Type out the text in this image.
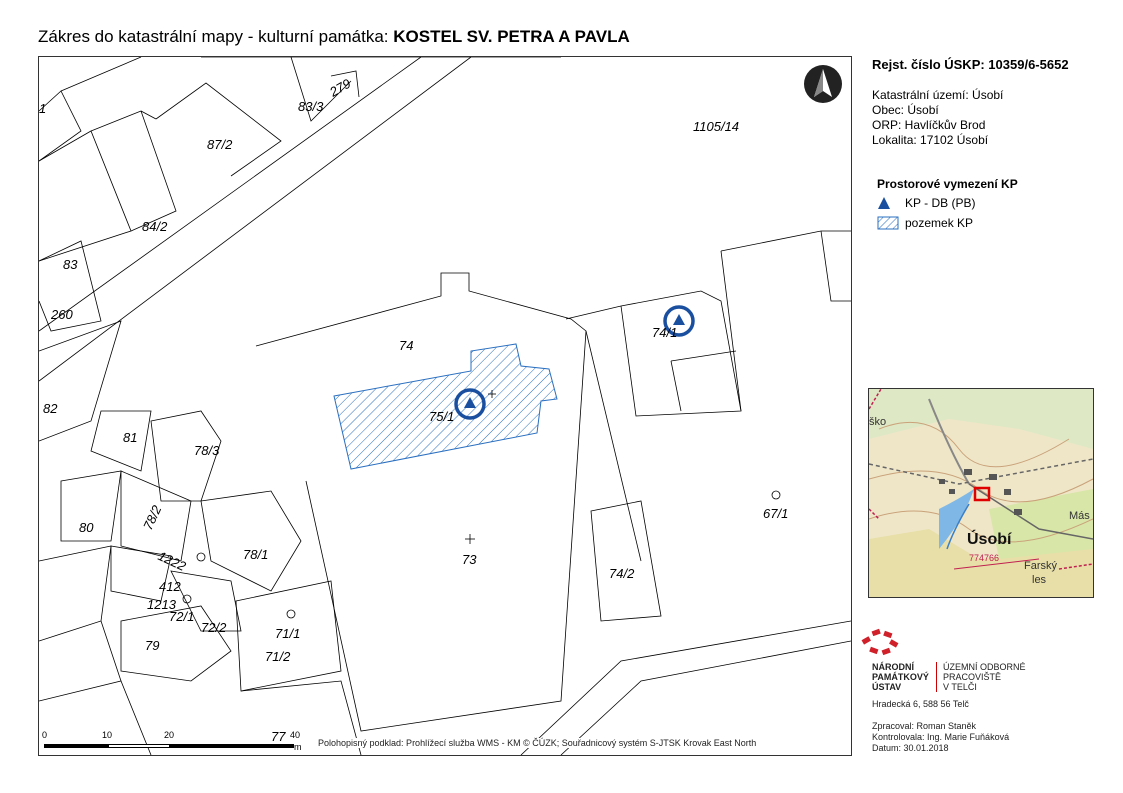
Zákres do katastrální mapy - kulturní památka: KOSTEL SV. PETRA A PAVLA
1
279
83/3
87/2
1105/14
84/2
83
260
82
74
74/1
75/1
81
78/3
80	78/2
1222
412
1213
72/1
72/2
78/1
71/1
71/2
79
73
74/2
67/1
77
0	10	20	40
m Polohopisný podklad: Prohlížecí služba WMS - KM © ČÚZK; Souřadnicový systém S-JTSK Krovak East North
Rejst. číslo ÚSKP: 10359/6-5652
Katastrální území: Úsobí
Obec: Úsobí
ORP: Havlíčkův Brod
Lokalita: 17102 Úsobí
Prostorové vymezení KP
KP - DB (PB)
pozemek KP
Úsobí
Farský
les
Más
ško
774766
NÁRODNÍ
PAMÁTKOVÝ
ÚSTAV
ÚZEMNÍ ODBORNÉ
PRACOVIŠTĚ
V TELČI
Hradecká 6, 588 56 Telč
Zpracoval: Roman Staněk
Kontrolovala: Ing. Marie Fuňáková
Datum: 30.01.2018
